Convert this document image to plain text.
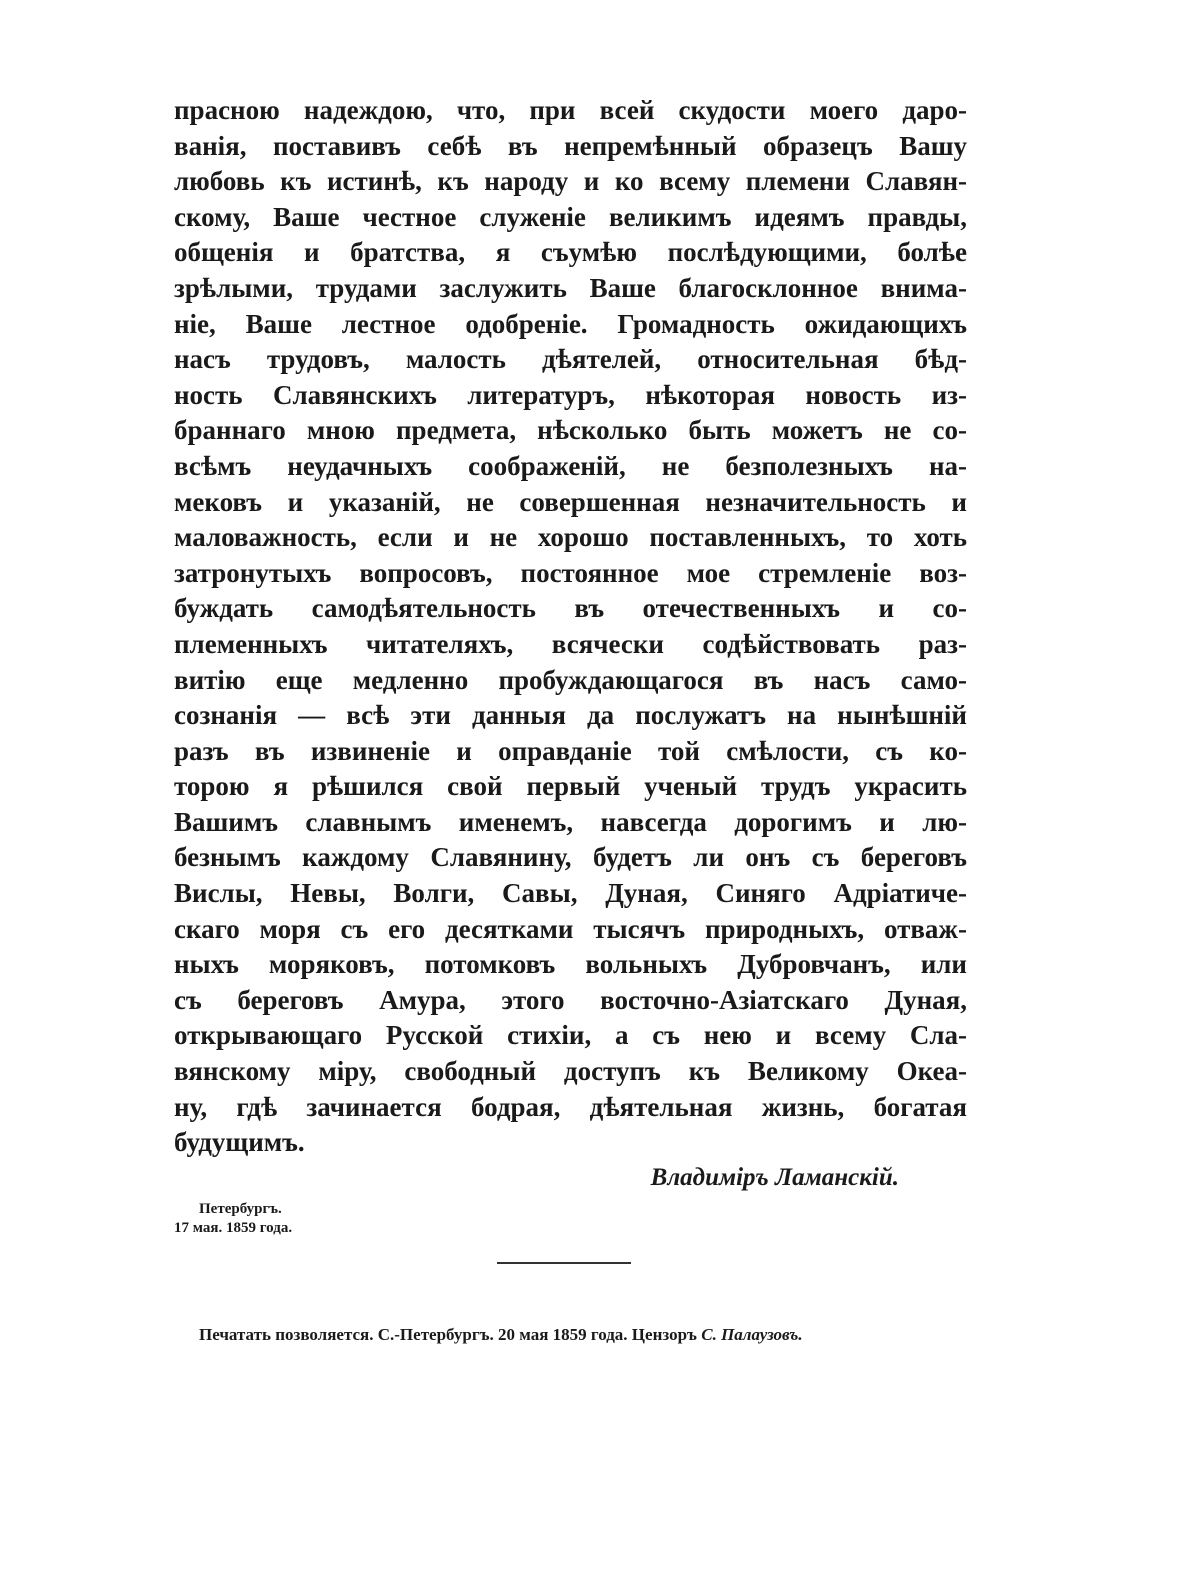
прасною надеждою, что, при всей скудости моего даро-
ванія, поставивъ себѣ въ непремѣнный образецъ Вашу
любовь къ истинѣ, къ народу и ко всему племени Славян-
скому, Ваше честное служеніе великимъ идеямъ правды,
общенія и братства, я съумѣю послѣдующими, болѣе
зрѣлыми, трудами заслужить Ваше благосклонное внима-
ніе, Ваше лестное одобреніе. Громадность ожидающихъ
насъ трудовъ, малость дѣятелей, относительная бѣд-
ность Славянскихъ литературъ, нѣкоторая новость из-
браннаго мною предмета, нѣсколько быть можетъ не со-
всѣмъ неудачныхъ соображеній, не безполезныхъ на-
мековъ и указаній, не совершенная незначительность и
маловажность, если и не хорошо поставленныхъ, то хоть
затронутыхъ вопросовъ, постоянное мое стремленіе воз-
буждать самодѣятельность въ отечественныхъ и со-
племенныхъ читателяхъ, всячески содѣйствовать раз-
витію еще медленно пробуждающагося въ насъ само-
сознанія — всѣ эти данныя да послужатъ на нынѣшній
разъ въ извиненіе и оправданіе той смѣлости, съ ко-
торою я рѣшился свой первый ученый трудъ украсить
Вашимъ славнымъ именемъ, навсегда дорогимъ и лю-
безнымъ каждому Славянину, будетъ ли онъ съ береговъ
Вислы, Невы, Волги, Савы, Дуная, Синяго Адріатиче-
скаго моря съ его десятками тысячъ природныхъ, отваж-
ныхъ моряковъ, потомковъ вольныхъ Дубровчанъ, или
съ береговъ Амура, этого восточно-Азіатскаго Дуная,
открывающаго Русской стихіи, а съ нею и всему Сла-
вянскому міру, свободный доступъ къ Великому Океа-
ну, гдѣ зачинается бодрая, дѣятельная жизнь, богатая
будущимъ.
Владиміръ Ламанскій.
Петербургъ.
17 мая. 1859 года.
Печатать позволяется. С.-Петербургъ. 20 мая 1859 года. Цензоръ С. Палаузовъ.
